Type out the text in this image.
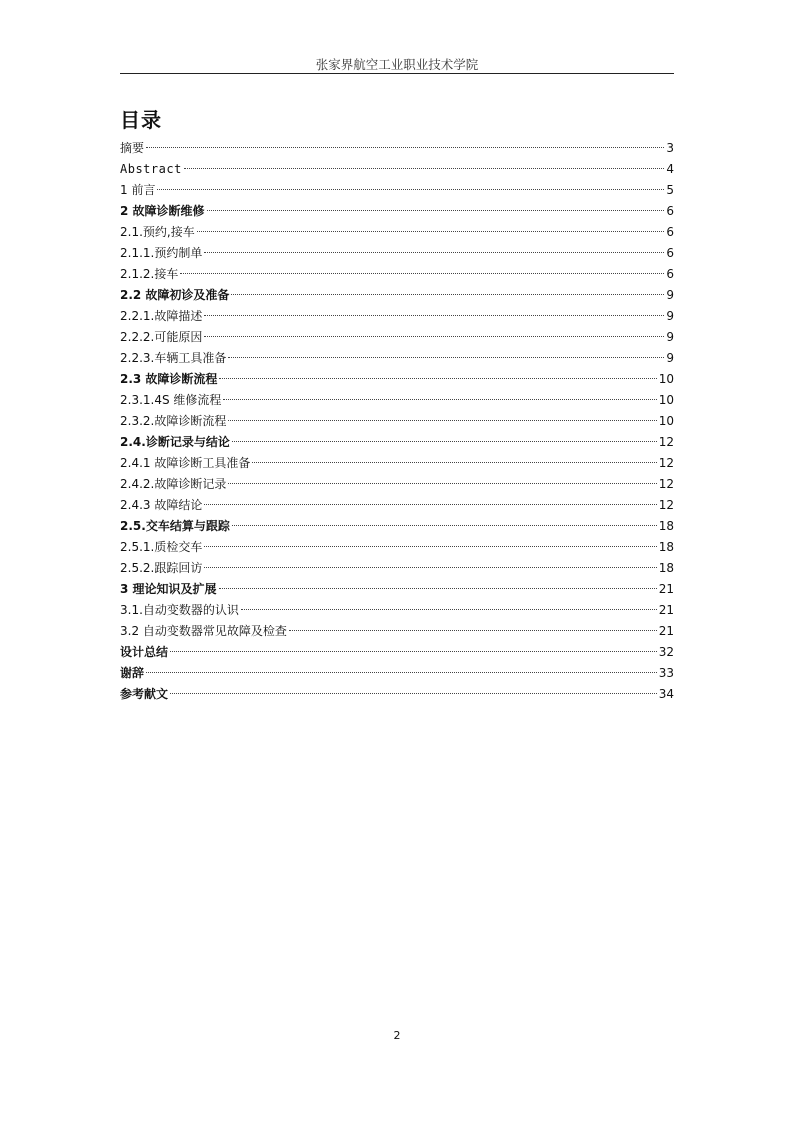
张家界航空工业职业技术学院
目录
摘要	3
Abstract	4
1 前言	5
2 故障诊断维修	6
2.1.预约,接车	6
2.1.1.预约制单	6
2.1.2.接车	6
2.2 故障初诊及准备	9
2.2.1.故障描述	9
2.2.2.可能原因	9
2.2.3.车辆工具准备	9
2.3 故障诊断流程	10
2.3.1.4S 维修流程	10
2.3.2.故障诊断流程	10
2.4.诊断记录与结论	12
2.4.1 故障诊断工具准备	12
2.4.2.故障诊断记录	12
2.4.3 故障结论	12
2.5.交车结算与跟踪	18
2.5.1.质检交车	18
2.5.2.跟踪回访	18
3 理论知识及扩展	21
3.1.自动变数器的认识	21
3.2 自动变数器常见故障及检查	21
设计总结	32
谢辞	33
参考献文	34
2
